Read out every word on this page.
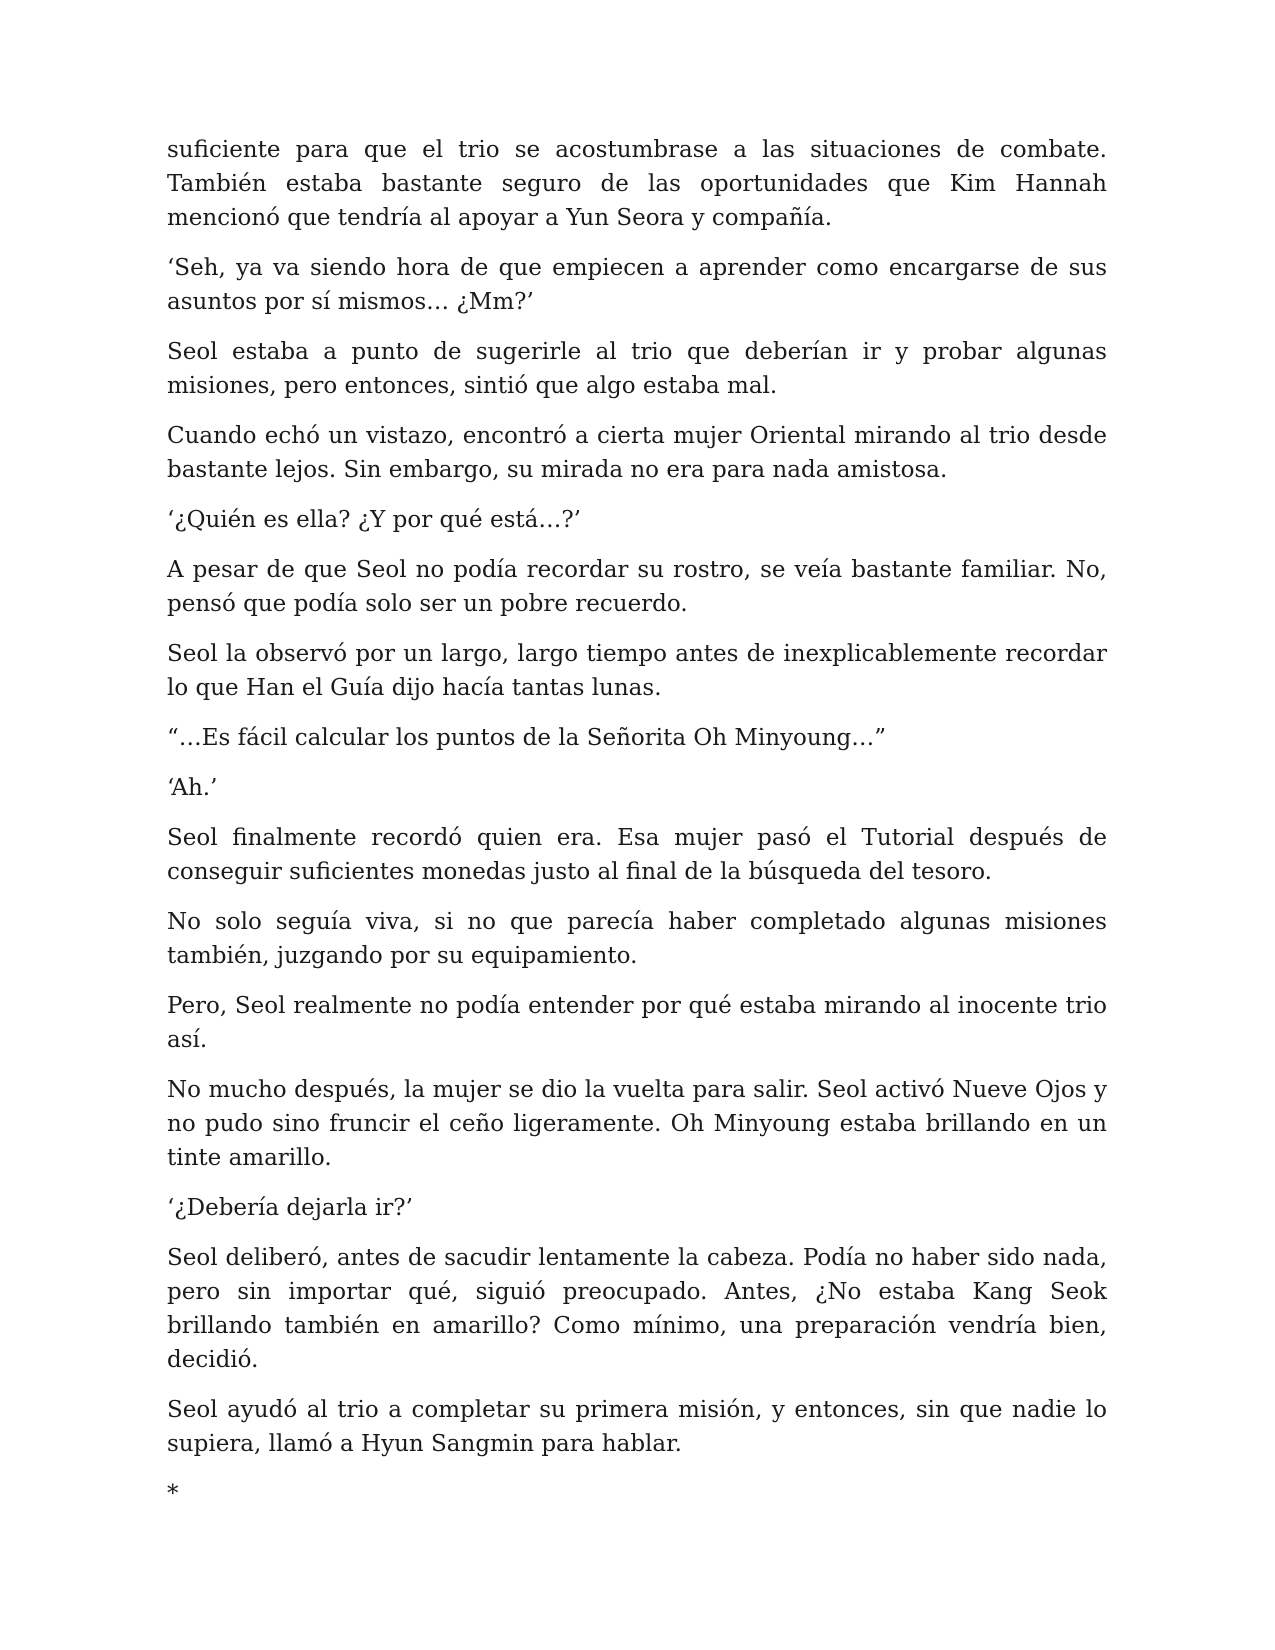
suficiente para que el trio se acostumbrase a las situaciones de combate. También estaba bastante seguro de las oportunidades que Kim Hannah mencionó que tendría al apoyar a Yun Seora y compañía.

‘Seh, ya va siendo hora de que empiecen a aprender como encargarse de sus asuntos por sí mismos… ¿Mm?’

Seol estaba a punto de sugerirle al trio que deberían ir y probar algunas misiones, pero entonces, sintió que algo estaba mal.

Cuando echó un vistazo, encontró a cierta mujer Oriental mirando al trio desde bastante lejos. Sin embargo, su mirada no era para nada amistosa.

‘¿Quién es ella? ¿Y por qué está…?’

A pesar de que Seol no podía recordar su rostro, se veía bastante familiar. No, pensó que podía solo ser un pobre recuerdo.

Seol la observó por un largo, largo tiempo antes de inexplicablemente recordar lo que Han el Guía dijo hacía tantas lunas.

“…Es fácil calcular los puntos de la Señorita Oh Minyoung…”

‘Ah.’

Seol finalmente recordó quien era. Esa mujer pasó el Tutorial después de conseguir suficientes monedas justo al final de la búsqueda del tesoro.

No solo seguía viva, si no que parecía haber completado algunas misiones también, juzgando por su equipamiento.

Pero, Seol realmente no podía entender por qué estaba mirando al inocente trio así.

No mucho después, la mujer se dio la vuelta para salir. Seol activó Nueve Ojos y no pudo sino fruncir el ceño ligeramente. Oh Minyoung estaba brillando en un tinte amarillo.

‘¿Debería dejarla ir?’

Seol deliberó, antes de sacudir lentamente la cabeza. Podía no haber sido nada, pero sin importar qué, siguió preocupado. Antes, ¿No estaba Kang Seok brillando también en amarillo? Como mínimo, una preparación vendría bien, decidió.

Seol ayudó al trio a completar su primera misión, y entonces, sin que nadie lo supiera, llamó a Hyun Sangmin para hablar.

*
